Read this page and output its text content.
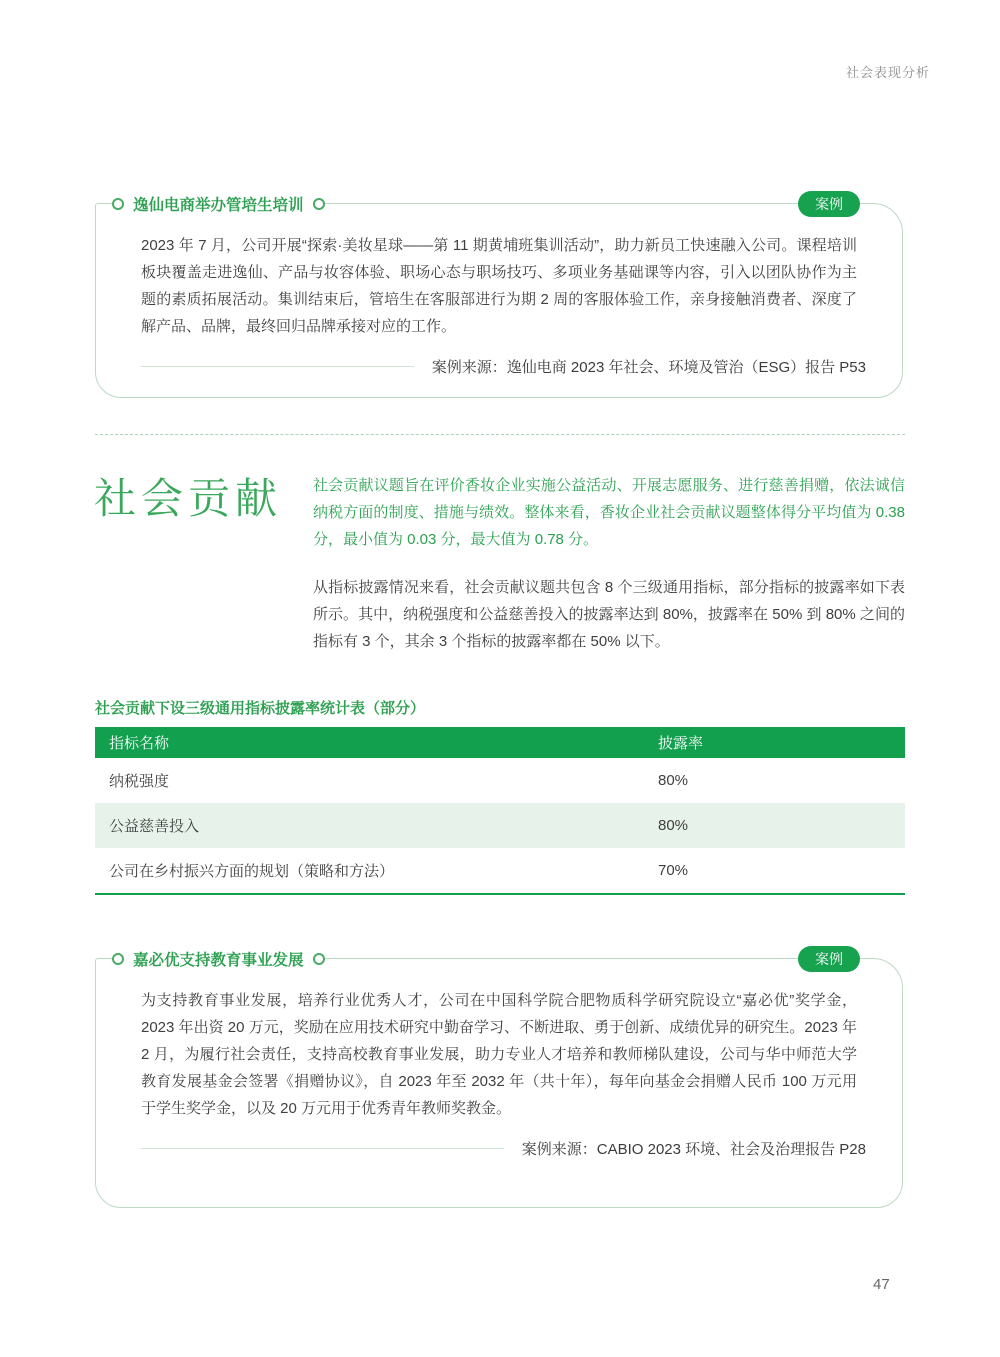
社会表现分析
逸仙电商举办管培生培训	案例
2023 年 7 月，公司开展“探索·美妆星球——第 11 期黄埔班集训活动”，助力新员工快速融入公司。课程培训板块覆盖走进逸仙、产品与妆容体验、职场心态与职场技巧、多项业务基础课等内容，引入以团队协作为主题的素质拓展活动。集训结束后，管培生在客服部进行为期 2 周的客服体验工作，亲身接触消费者、深度了解产品、品牌，最终回归品牌承接对应的工作。
案例来源：逸仙电商 2023 年社会、环境及管治（ESG）报告 P53
社会贡献 社会贡献议题旨在评价香妆企业实施公益活动、开展志愿服务、进行慈善捐赠，依法诚信纳税方面的制度、措施与绩效。整体来看，香妆企业社会贡献议题整体得分平均值为 0.38 分，最小值为 0.03 分，最大值为 0.78 分。
从指标披露情况来看，社会贡献议题共包含 8 个三级通用指标，部分指标的披露率如下表所示。其中，纳税强度和公益慈善投入的披露率达到 80%，披露率在 50% 到 80% 之间的指标有 3 个，其余 3 个指标的披露率都在 50% 以下。
社会贡献下设三级通用指标披露率统计表（部分）
指标名称	披露率
纳税强度	80%
公益慈善投入	80%
公司在乡村振兴方面的规划（策略和方法）	70%
嘉必优支持教育事业发展	案例
为支持教育事业发展，培养行业优秀人才，公司在中国科学院合肥物质科学研究院设立“嘉必优”奖学金，2023 年出资 20 万元，奖励在应用技术研究中勤奋学习、不断进取、勇于创新、成绩优异的研究生。2023 年 2 月，为履行社会责任，支持高校教育事业发展，助力专业人才培养和教师梯队建设，公司与华中师范大学教育发展基金会签署《捐赠协议》，自 2023 年至 2032 年（共十年），每年向基金会捐赠人民币 100 万元用于学生奖学金，以及 20 万元用于优秀青年教师奖教金。
案例来源：CABIO 2023 环境、社会及治理报告 P28
47
